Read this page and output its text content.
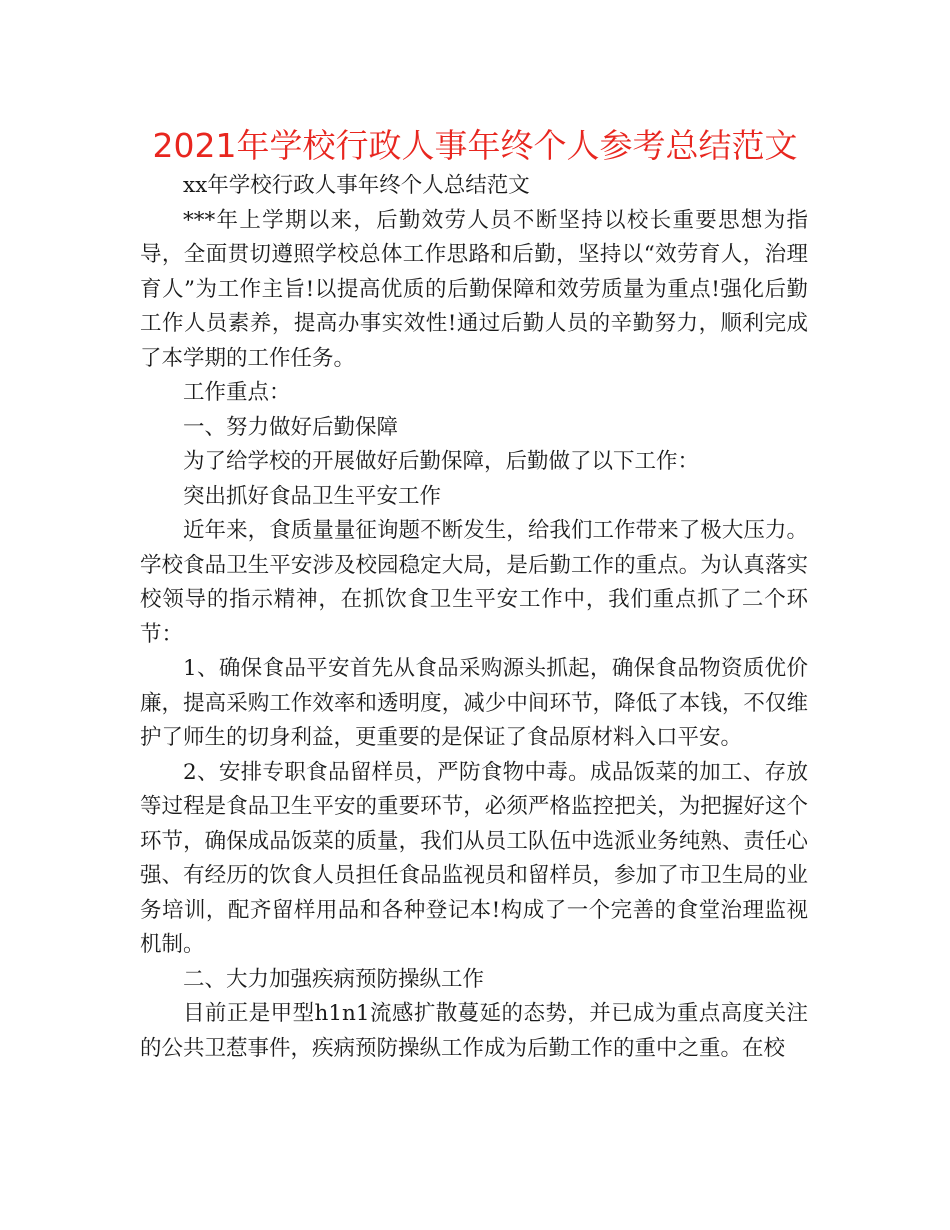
2021年学校行政人事年终个人参考总结范文

xx年学校行政人事年终个人总结范文

***年上学期以来，后勤效劳人员不断坚持以校长重要思想为指导，全面贯切遵照学校总体工作思路和后勤，坚持以“效劳育人，治理育人”为工作主旨!以提高优质的后勤保障和效劳质量为重点!强化后勤工作人员素养，提高办事实效性!通过后勤人员的辛勤努力，顺利完成了本学期的工作任务。

工作重点：

一、努力做好后勤保障

为了给学校的开展做好后勤保障，后勤做了以下工作：

突出抓好食品卫生平安工作

近年来，食质量量征询题不断发生，给我们工作带来了极大压力。学校食品卫生平安涉及校园稳定大局，是后勤工作的重点。为认真落实校领导的指示精神，在抓饮食卫生平安工作中，我们重点抓了二个环节：

1、确保食品平安首先从食品采购源头抓起，确保食品物资质优价廉，提高采购工作效率和透明度，减少中间环节，降低了本钱，不仅维护了师生的切身利益，更重要的是保证了食品原材料入口平安。

2、安排专职食品留样员，严防食物中毒。成品饭菜的加工、存放等过程是食品卫生平安的重要环节，必须严格监控把关，为把握好这个环节，确保成品饭菜的质量，我们从员工队伍中选派业务纯熟、责任心强、有经历的饮食人员担任食品监视员和留样员，参加了市卫生局的业务培训，配齐留样用品和各种登记本!构成了一个完善的食堂治理监视机制。

二、大力加强疾病预防操纵工作

目前正是甲型h1n1流感扩散蔓延的态势，并已成为重点高度关注的公共卫惹事件，疾病预防操纵工作成为后勤工作的重中之重。在校
